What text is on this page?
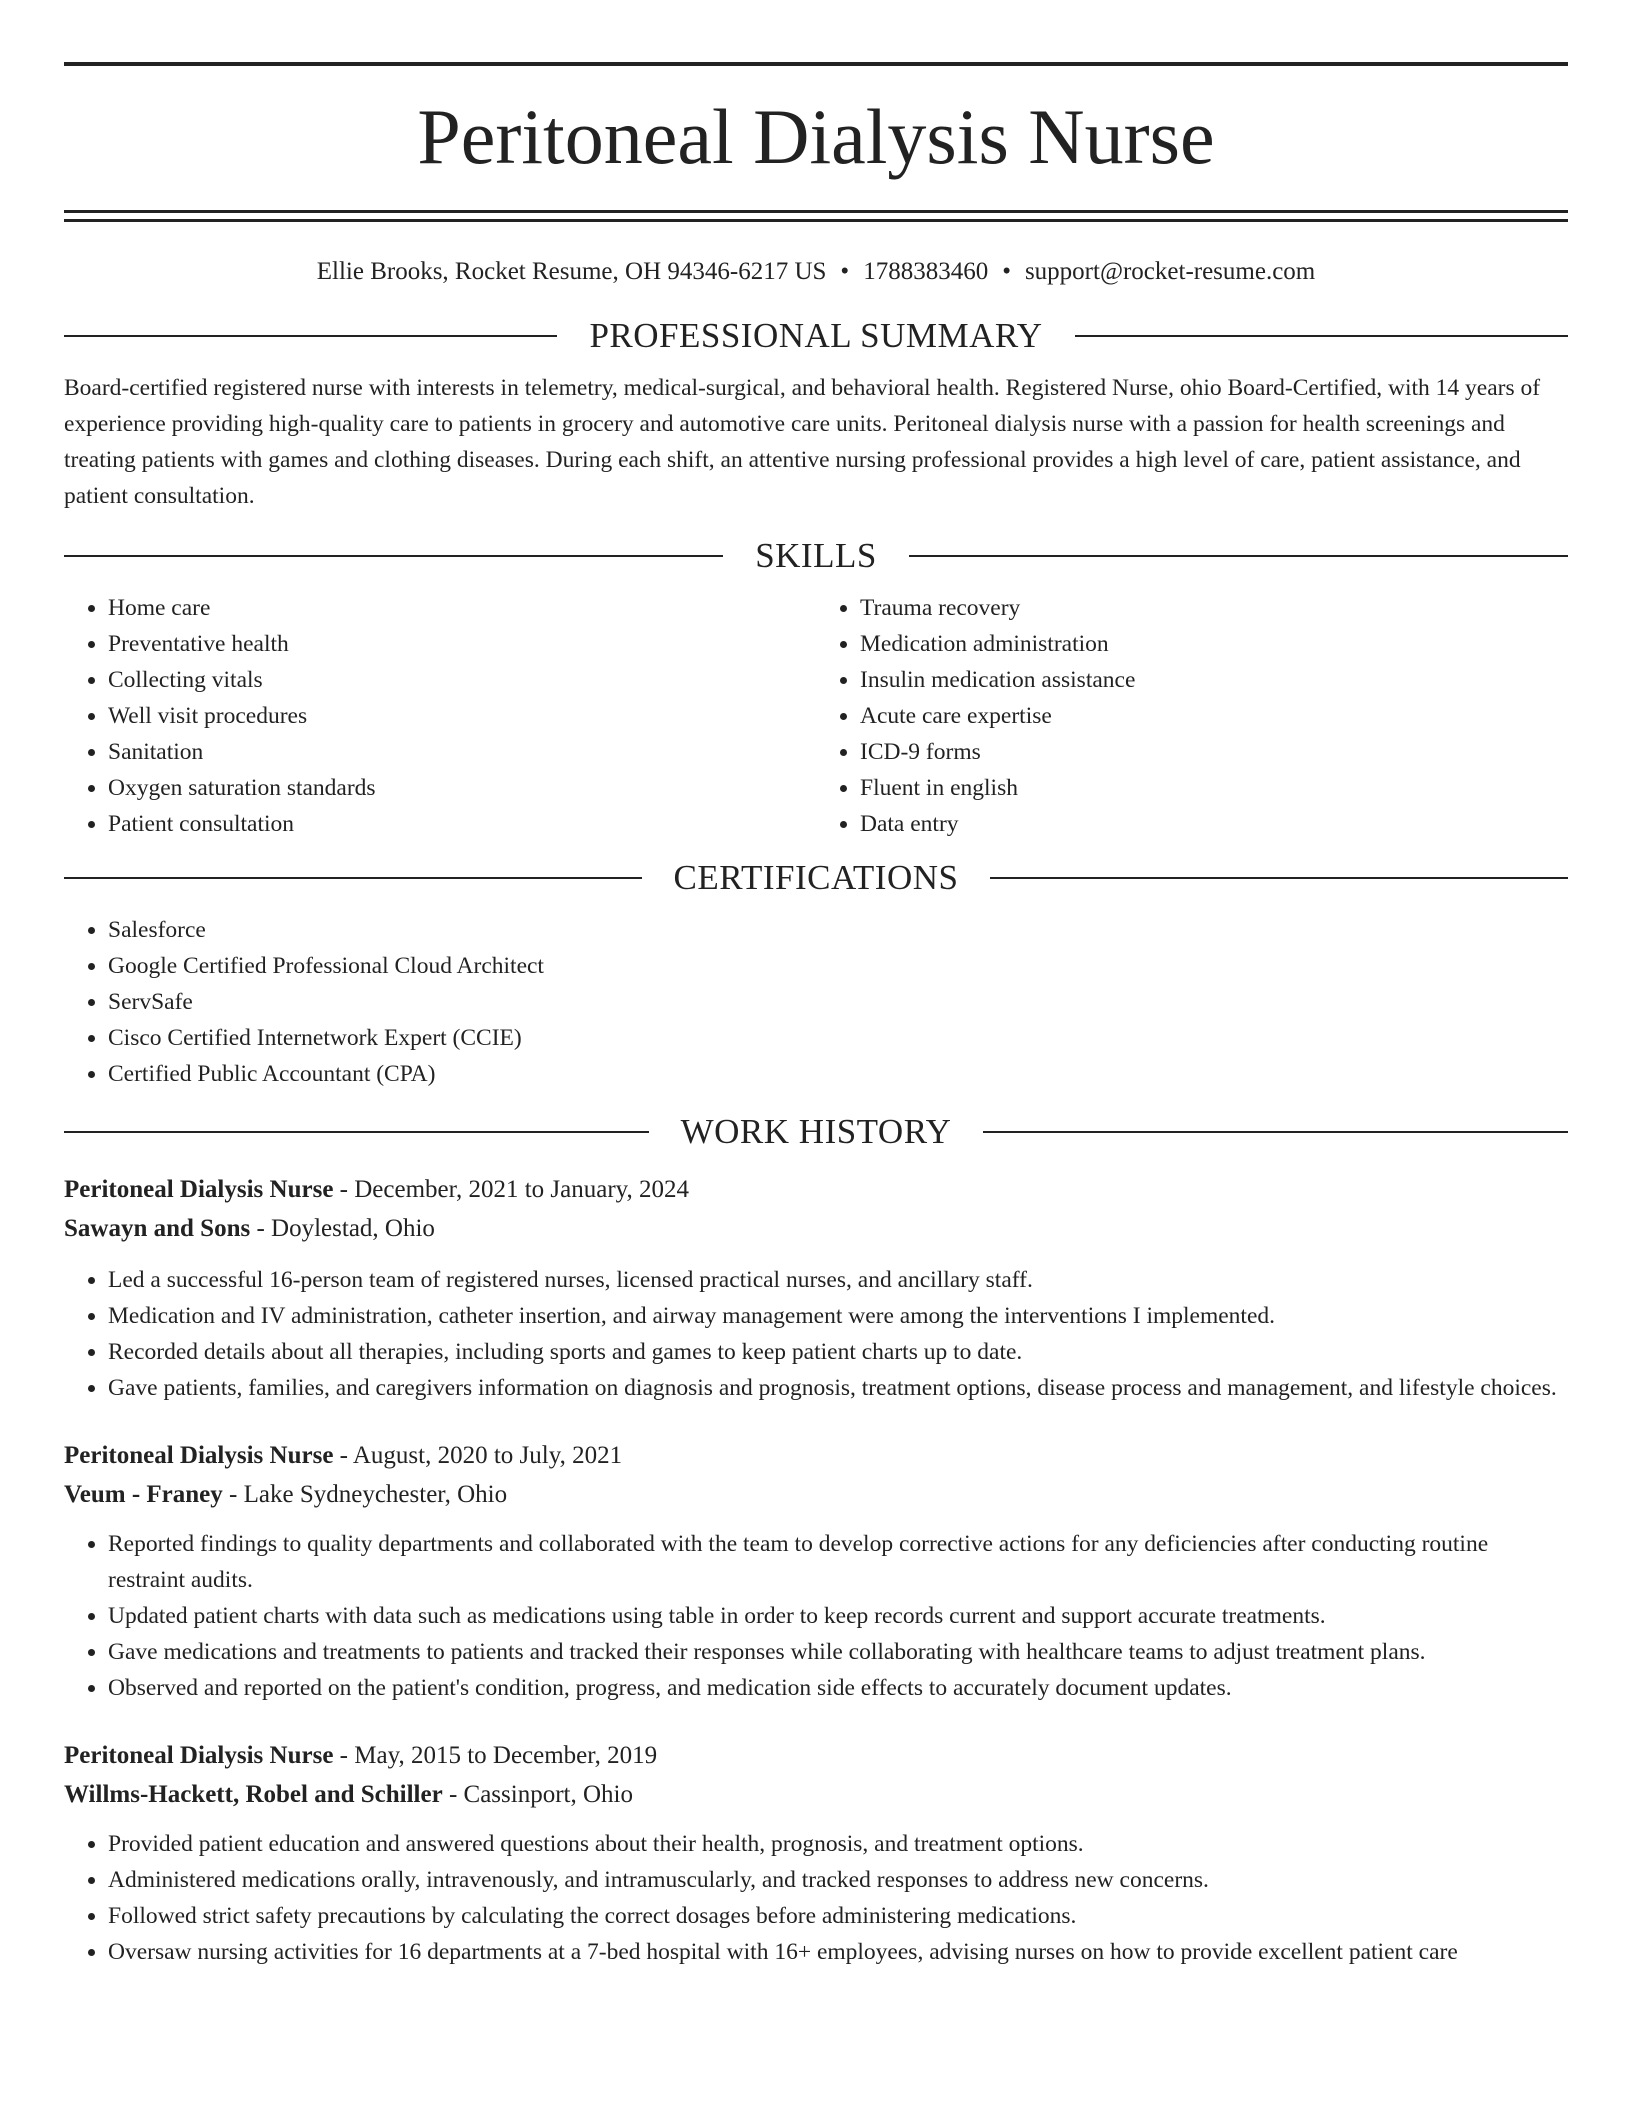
Peritoneal Dialysis Nurse
Ellie Brooks, Rocket Resume, OH 94346-6217 US • 1788383460 • support@rocket-resume.com
PROFESSIONAL SUMMARY
Board-certified registered nurse with interests in telemetry, medical-surgical, and behavioral health. Registered Nurse, ohio Board-Certified, with 14 years of experience providing high-quality care to patients in grocery and automotive care units. Peritoneal dialysis nurse with a passion for health screenings and treating patients with games and clothing diseases. During each shift, an attentive nursing professional provides a high level of care, patient assistance, and patient consultation.
SKILLS
• Home care
• Preventative health
• Collecting vitals
• Well visit procedures
• Sanitation
• Oxygen saturation standards
• Patient consultation
• Trauma recovery
• Medication administration
• Insulin medication assistance
• Acute care expertise
• ICD-9 forms
• Fluent in english
• Data entry
CERTIFICATIONS
• Salesforce
• Google Certified Professional Cloud Architect
• ServSafe
• Cisco Certified Internetwork Expert (CCIE)
• Certified Public Accountant (CPA)
WORK HISTORY
Peritoneal Dialysis Nurse - December, 2021 to January, 2024
Sawayn and Sons - Doylestad, Ohio
• Led a successful 16-person team of registered nurses, licensed practical nurses, and ancillary staff.
• Medication and IV administration, catheter insertion, and airway management were among the interventions I implemented.
• Recorded details about all therapies, including sports and games to keep patient charts up to date.
• Gave patients, families, and caregivers information on diagnosis and prognosis, treatment options, disease process and management, and lifestyle choices.
Peritoneal Dialysis Nurse - August, 2020 to July, 2021
Veum - Franey - Lake Sydneychester, Ohio
• Reported findings to quality departments and collaborated with the team to develop corrective actions for any deficiencies after conducting routine restraint audits.
• Updated patient charts with data such as medications using table in order to keep records current and support accurate treatments.
• Gave medications and treatments to patients and tracked their responses while collaborating with healthcare teams to adjust treatment plans.
• Observed and reported on the patient's condition, progress, and medication side effects to accurately document updates.
Peritoneal Dialysis Nurse - May, 2015 to December, 2019
Willms-Hackett, Robel and Schiller - Cassinport, Ohio
• Provided patient education and answered questions about their health, prognosis, and treatment options.
• Administered medications orally, intravenously, and intramuscularly, and tracked responses to address new concerns.
• Followed strict safety precautions by calculating the correct dosages before administering medications.
• Oversaw nursing activities for 16 departments at a 7-bed hospital with 16+ employees, advising nurses on how to provide excellent patient care
